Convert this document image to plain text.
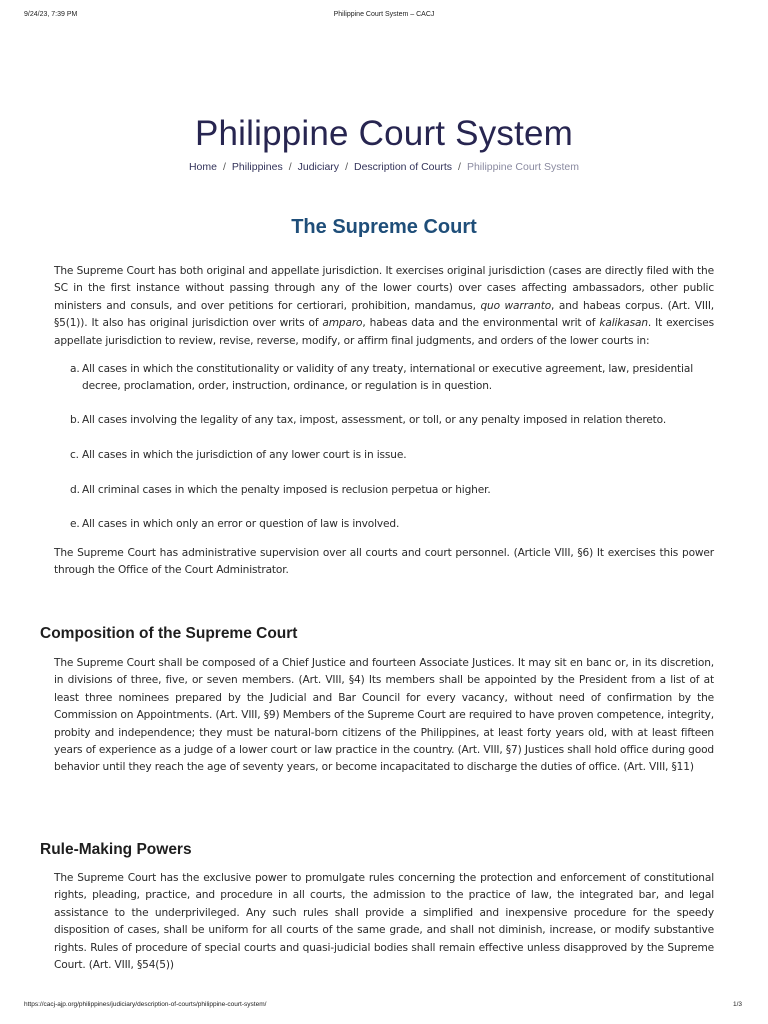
9/24/23, 7:39 PM	Philippine Court System – CACJ
Philippine Court System
Home / Philippines / Judiciary / Description of Courts / Philippine Court System
The Supreme Court

The Supreme Court has both original and appellate jurisdiction. It exercises original jurisdiction (cases are directly filed with the SC in the first instance without passing through any of the lower courts) over cases affecting ambassadors, other public ministers and consuls, and over petitions for certiorari, prohibition, mandamus, quo warranto, and habeas corpus. (Art. VIII, §5(1)). It also has original jurisdiction over writs of amparo, habeas data and the environmental writ of kalikasan. It exercises appellate jurisdiction to review, revise, reverse, modify, or affirm final judgments, and orders of the lower courts in:

a. All cases in which the constitutionality or validity of any treaty, international or executive agreement, law, presidential decree, proclamation, order, instruction, ordinance, or regulation is in question.
b. All cases involving the legality of any tax, impost, assessment, or toll, or any penalty imposed in relation thereto.
c. All cases in which the jurisdiction of any lower court is in issue.
d. All criminal cases in which the penalty imposed is reclusion perpetua or higher.
e. All cases in which only an error or question of law is involved.

The Supreme Court has administrative supervision over all courts and court personnel. (Article VIII, §6) It exercises this power through the Office of the Court Administrator.

Composition of the Supreme Court

The Supreme Court shall be composed of a Chief Justice and fourteen Associate Justices. It may sit en banc or, in its discretion, in divisions of three, five, or seven members. (Art. VIII, §4) Its members shall be appointed by the President from a list of at least three nominees prepared by the Judicial and Bar Council for every vacancy, without need of confirmation by the Commission on Appointments. (Art. VIII, §9) Members of the Supreme Court are required to have proven competence, integrity, probity and independence; they must be natural-born citizens of the Philippines, at least forty years old, with at least fifteen years of experience as a judge of a lower court or law practice in the country. (Art. VIII, §7) Justices shall hold office during good behavior until they reach the age of seventy years, or become incapacitated to discharge the duties of office. (Art. VIII, §11)

Rule-Making Powers

The Supreme Court has the exclusive power to promulgate rules concerning the protection and enforcement of constitutional rights, pleading, practice, and procedure in all courts, the admission to the practice of law, the integrated bar, and legal assistance to the underprivileged. Any such rules shall provide a simplified and inexpensive procedure for the speedy disposition of cases, shall be uniform for all courts of the same grade, and shall not diminish, increase, or modify substantive rights. Rules of procedure of special courts and quasi-judicial bodies shall remain effective unless disapproved by the Supreme Court. (Art. VIII, §54(5))

https://cacj-ajp.org/philippines/judiciary/description-of-courts/philippine-court-system/	1/3
